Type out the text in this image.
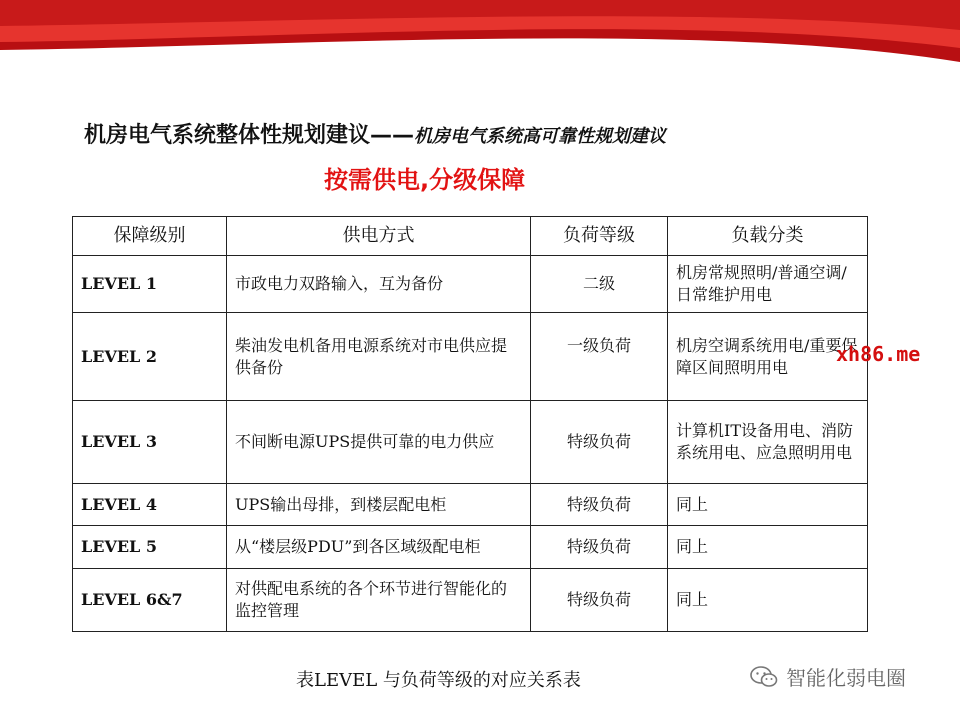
机房电气系统整体性规划建议—— 机房电气系统高可靠性规划建议
按需供电,分级保障
保障级别	供电方式	负荷等级	负载分类
LEVEL 1	市政电力双路输入，互为备份	二级	机房常规照明/普通空调/日常维护用电
LEVEL 2	柴油发电机备用电源系统对市电供应提供备份	一级负荷	机房空调系统用电/重要保障区间照明用电
LEVEL 3	不间断电源UPS提供可靠的电力供应	特级负荷	计算机IT设备用电、消防系统用电、应急照明用电
LEVEL 4	UPS输出母排，到楼层配电柜	特级负荷	同上
LEVEL 5	从“楼层级PDU”到各区域级配电柜	特级负荷	同上
LEVEL 6&7	对供配电系统的各个环节进行智能化的监控管理	特级负荷	同上
表LEVEL 与负荷等级的对应关系表
xh86.me
智能化弱电圈
